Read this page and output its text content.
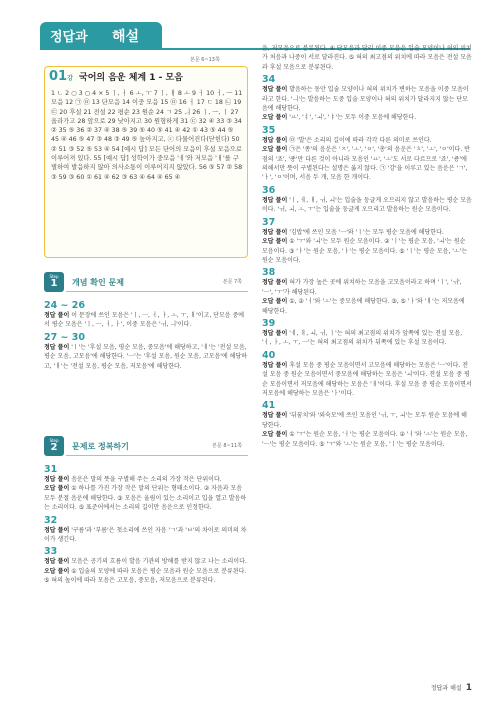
정답과 해설
본문 6~13쪽
01강 국어의 음운 체계 1 - 모음
1 ㄴ 2 ○ 3 ○ 4 × 5 ㅣ, ㅓ 6 ㅗ, ㅜ 7 ㅣ, ㅐ 8 ㅗ 9 ㅓ 10 ㅓ, ㅡ 11 모음 12 ㉠ ㉤ 13 단모음 14 이중 모음 15 ㉤ 16 ㅓ 17 ㄷ 18 ㉡ 19 ㉢ 20 후설 21 전설 22 평순 23 원순 24 ㄱ 25 ㅢ 26 ㅣ, ㅡ, ㅣ 27 올라가고 28 앞으로 29 낮아지고 30 원형하게 31 ㉢ 32 ④ 33 ③ 34 ② 35 ⑤ 36 ② 37 ④ 38 ⑤ 39 ⑤ 40 ⑤ 41 ④ 42 ① 43 ⑤ 44 ⑤ 45 ④ 46 ⑤ 47 ③ 48 ③ 49 ⑤ 높아지고, ⓒ 다물어진다(닫힌다) 50 ② 51 ③ 52 ⑤ 53 ④ 54 [예시 답] 모든 단어의 모음이 후설 모음으로 이루어져 있다. 55 [예시 답] 성학이가 중모음 'ㅔ'와 저모음 'ㅐ'를 구별하여 발음하지 않아 의사소통이 이루어지지 않았다. 56 ⑤ 57 ② 58 ③ 59 ③ 60 ① 61 ④ 62 ③ 63 ④ 64 ④ 65 ④
Step
1	개념 확인 문제	본문 7쪽
24 ~ 26
정답 풀이 이 문장에 쓰인 모음은 'ㅣ, ㅡ, ㅓ, ㅏ, ㅗ, ㅜ, ㅐ'이고, 단모음 중에서 평순 모음은 'ㅣ, ㅡ, ㅓ, ㅏ', 이중 모음은 'ㅟ, ㅢ'이다.
27 ~ 30
정답 풀이 'ㅣ'는 '후설 모음, 평순 모음, 중모음'에 해당하고, 'ㅔ'는 '전설 모음, 평순 모음, 고모음'에 해당한다. 'ㅡ'는 '후설 모음, 원순 모음, 고모음'에 해당하고, 'ㅐ'는 '전설 모음, 평순 모음, 저모음'에 해당한다.
Step
2	문제로 정복하기	본문 8~11쪽
31
정답 풀이 음운은 말의 뜻을 구별해 주는 소리의 가장 작은 단위이다.
오답 풀이 ① 하나를 가진 가장 작은 말의 단위는 형태소이다. ② 자음과 모음 모두 분절 음운에 해당한다. ③ 모음은 울림이 있는 소리이고 입을 열고 발음하는 소리이다. ⑤ 표준어에서는 소리의 길이만 음운으로 인정한다.
32
정답 풀이 '구름'과 '부름'은 첫소리에 쓰인 자음 'ㄱ'과 'ㅂ'의 차이로 의미의 차이가 생긴다.
33
정답 풀이 모음은 공기의 흐름이 발음 기관의 방해를 받지 않고 나는 소리이다.
오답 풀이 ① 입술의 모양에 따라 모음은 평순 모음과 원순 모음으로 분류된다. ⑤ 혀의 높이에 따라 모음은 고모음, 중모음, 저모음으로 분류된다.
음, 저모음으로 분류된다. ④ 단모음과 달리 이중 모음은 입술 모양이나 혀의 위치가 처음과 나중이 서로 달라진다. ⑤ 혀의 최고점의 위치에 따라 모음은 전설 모음과 후설 모음으로 분류된다.
34
정답 풀이 발음하는 동안 입술 모양이나 혀의 위치가 변하는 모음을 이중 모음이라고 한다. 'ㅢ'는 발음하는 도중 입술 모양이나 혀의 위치가 달라지지 않는 단모음에 해당한다.
오답 풀이 'ㅛ', 'ㅕ', 'ㅚ', 'ㅑ'는 모두 이중 모음에 해당한다.
35
정답 풀이 ㉤ '발'은 소리의 길이에 따라 각각 다른 의미로 쓰인다.
오답 풀이 ㉠은 '종'의 음운은 'ㅈ', 'ㅗ', 'ㅇ', '총'의 음운은 'ㅊ', 'ㅗ', 'ㅇ'이다. 반점의 '죠', '죵'만 다른 것이 아니라 모음인 'ㅛ', 'ㅗ'도 서로 다르므로 '죠', '죵'에 의해서만 뜻이 구별된다는 설명은 옳지 않다. ㉠ '강'을 이루고 있는 음운은 'ㄱ', 'ㅏ', 'ㅇ'이며, 서음 두 개, 모음 한 개이다.
36
정답 풀이 'ㅣ, ㅔ, ㅐ, ㅟ, ㅚ'는 입술을 둥글게 오므리지 않고 발음하는 평순 모음이다. 'ㅟ, ㅚ, ㅗ, ㅜ'는 입술을 둥글게 오므리고 발음하는 원순 모음이다.
37
정답 풀이 '김밥'에 쓰인 모음 'ㅡ'와 'ㅣ'는 모두 평순 모음에 해당한다.
오답 풀이 ① 'ㅜ'와 'ㅚ'는 모두 원순 모음이다. ② 'ㅣ'는 평순 모음, 'ㅚ'는 원순 모음이다. ③ 'ㅏ'는 원순 모음, 'ㅏ'는 평순 모음이다. ⑤ 'ㅣ'는 평순 모음, 'ㅗ'는 원순 모음이다.
38
정답 풀이 혀가 가장 높은 곳에 위치하는 모음을 고모음이라고 하며 'ㅣ', 'ㅟ', 'ㅡ', 'ㅜ'가 해당된다.
오답 풀이 ①, ② 'ㅓ'와 'ㅗ'는 중모음에 해당한다. ③, ⑤ 'ㅏ'와 'ㅐ'는 저모음에 해당한다.
39
정답 풀이 'ㅔ, ㅐ, ㅚ, ㅟ, ㅣ'는 혀의 최고점의 위치가 앞쪽에 있는 전설 모음, 'ㅓ, ㅏ, ㅗ, ㅜ, ㅡ'는 혀의 최고점의 위치가 뒤쪽에 있는 후설 모음이다.
40
정답 풀이 후설 모음 중 평순 모음이면서 고모음에 해당하는 모음은 'ㅡ'이다. 전설 모음 중 원순 모음이면서 중모음에 해당하는 모음은 'ㅚ'이다. 전설 모음 중 평순 모음이면서 저모음에 해당하는 모음은 'ㅐ'이다. 후설 모음 중 평순 모음이면서 저모음에 해당하는 모음은 'ㅏ'이다.
41
정답 풀이 '뒤꿈치'와 '외숙모'에 쓰인 모음인 'ㅟ, ㅜ, ㅚ'는 모두 원순 모음에 해당한다.
오답 풀이 ① 'ㅜ'는 원순 모음, 'ㅓ'는 평순 모음이다. ② 'ㅓ'와 'ㅗ'는 원순 모음, 'ㅡ'는 평순 모음이다. ⑤ 'ㅜ'와 'ㅗ'는 원순 모음, 'ㅣ'는 평순 모음이다.
정답과 해설 1
